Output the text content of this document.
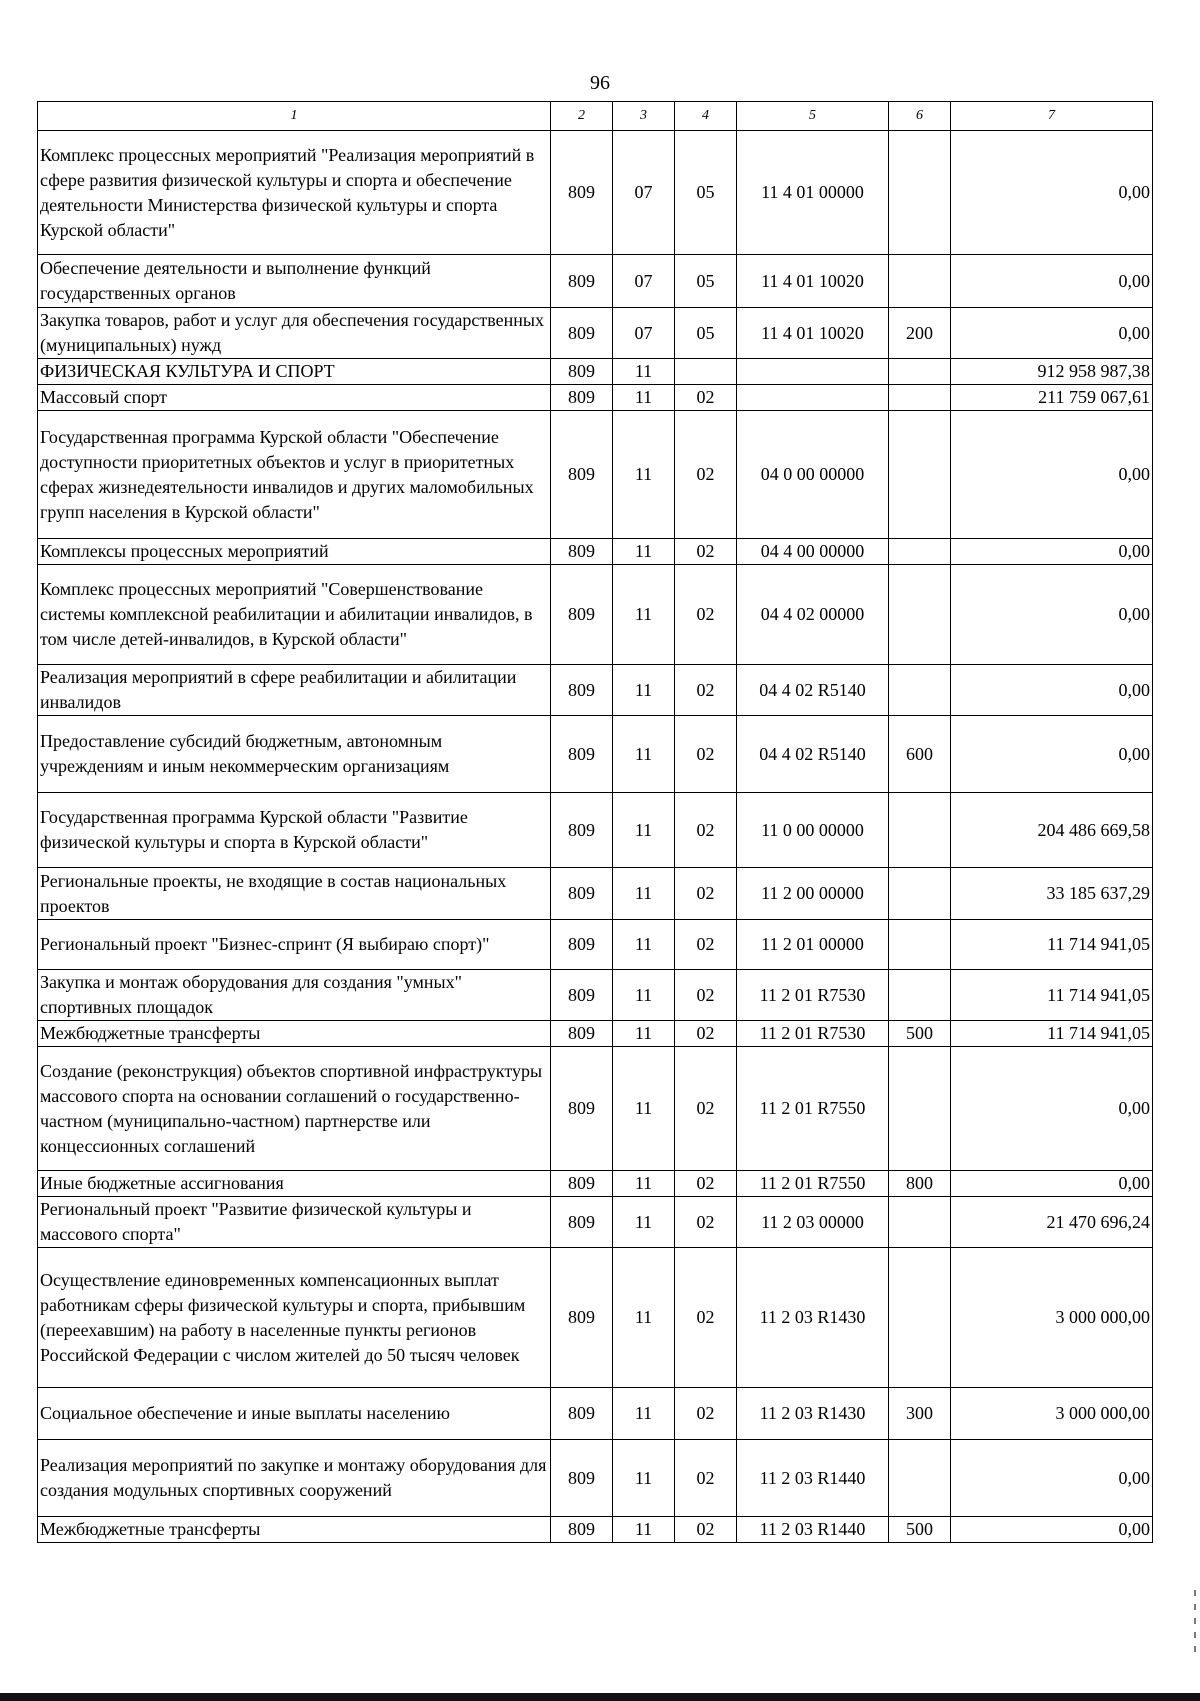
96
1	2	3	4	5	6	7
Комплекс процессных мероприятий "Реализация мероприятий в сфере развития физической культуры и спорта и обеспечение деятельности Министерства физической культуры и спорта Курской области"	809	07	05	11 4 01 00000		0,00
Обеспечение деятельности и выполнение функций государственных органов	809	07	05	11 4 01 10020		0,00
Закупка товаров, работ и услуг для обеспечения государственных (муниципальных) нужд	809	07	05	11 4 01 10020	200	0,00
ФИЗИЧЕСКАЯ КУЛЬТУРА И СПОРТ	809	11				912 958 987,38
Массовый спорт	809	11	02			211 759 067,61
Государственная программа Курской области "Обеспечение доступности приоритетных объектов и услуг в приоритетных сферах жизнедеятельности инвалидов и других маломобильных групп населения в Курской области"	809	11	02	04 0 00 00000		0,00
Комплексы процессных мероприятий	809	11	02	04 4 00 00000		0,00
Комплекс процессных мероприятий "Совершенствование системы комплексной реабилитации и абилитации инвалидов, в том числе детей-инвалидов, в Курской области"	809	11	02	04 4 02 00000		0,00
Реализация мероприятий в сфере реабилитации и абилитации инвалидов	809	11	02	04 4 02 R5140		0,00
Предоставление субсидий бюджетным, автономным учреждениям и иным некоммерческим организациям	809	11	02	04 4 02 R5140	600	0,00
Государственная программа Курской области "Развитие физической культуры и спорта в Курской области"	809	11	02	11 0 00 00000		204 486 669,58
Региональные проекты, не входящие в состав национальных проектов	809	11	02	11 2 00 00000		33 185 637,29
Региональный проект "Бизнес-спринт (Я выбираю спорт)"	809	11	02	11 2 01 00000		11 714 941,05
Закупка и монтаж оборудования для создания "умных" спортивных площадок	809	11	02	11 2 01 R7530		11 714 941,05
Межбюджетные трансферты	809	11	02	11 2 01 R7530	500	11 714 941,05
Создание (реконструкция) объектов спортивной инфраструктуры массового спорта на основании соглашений о государственно-частном (муниципально-частном) партнерстве или концессионных соглашений	809	11	02	11 2 01 R7550		0,00
Иные бюджетные ассигнования	809	11	02	11 2 01 R7550	800	0,00
Региональный проект "Развитие физической культуры и массового спорта"	809	11	02	11 2 03 00000		21 470 696,24
Осуществление единовременных компенсационных выплат работникам сферы физической культуры и спорта, прибывшим (переехавшим) на работу в населенные пункты регионов Российской Федерации с числом жителей до 50 тысяч человек	809	11	02	11 2 03 R1430		3 000 000,00
Социальное обеспечение и иные выплаты населению	809	11	02	11 2 03 R1430	300	3 000 000,00
Реализация мероприятий по закупке и монтажу оборудования для создания модульных спортивных сооружений	809	11	02	11 2 03 R1440		0,00
Межбюджетные трансферты	809	11	02	11 2 03 R1440	500	0,00
